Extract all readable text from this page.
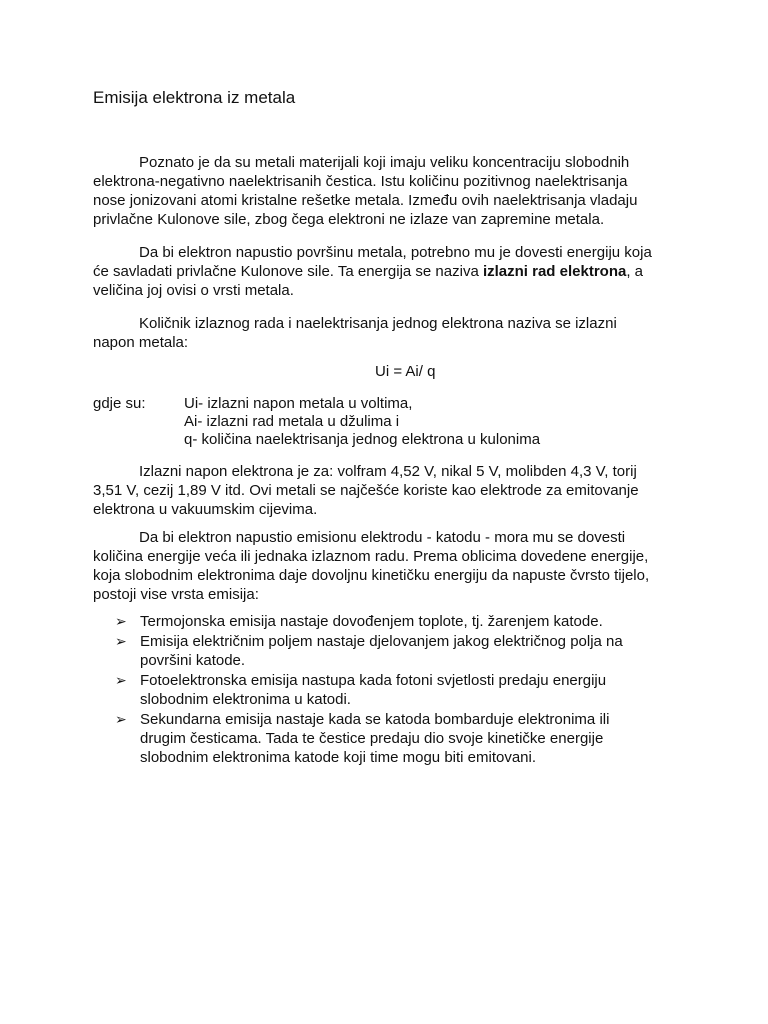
Emisija elektrona iz metala
Poznato je da su metali materijali koji imaju veliku koncentraciju slobodnih
elektrona-negativno naelektrisanih čestica. Istu količinu pozitivnog naelektrisanja
nose jonizovani atomi kristalne rešetke metala. Između ovih naelektrisanja vladaju
privlačne Kulonove sile, zbog čega elektroni ne izlaze van zapremine metala.
Da bi elektron napustio površinu metala, potrebno mu je dovesti energiju koja
će savladati privlačne Kulonove sile. Ta energija se naziva izlazni rad elektrona, a
veličina joj ovisi o vrsti metala.
Količnik izlaznog rada i naelektrisanja jednog elektrona naziva se izlazni
napon metala:
Ui = Ai/ q
gdje su:	Ui- izlazni napon metala u voltima,
Ai- izlazni rad metala u džulima i
q- količina naelektrisanja jednog elektrona u kulonima
Izlazni napon elektrona je za: volfram 4,52 V, nikal 5 V, molibden 4,3 V, torij
3,51 V, cezij 1,89 V itd. Ovi metali se najčešće koriste kao elektrode za emitovanje
elektrona u vakuumskim cijevima.
Da bi elektron napustio emisionu elektrodu - katodu - mora mu se dovesti
količina energije veća ili jednaka izlaznom radu. Prema oblicima dovedene energije,
koja slobodnim elektronima daje dovoljnu kinetičku energiju da napuste čvrsto tijelo,
postoji vise vrsta emisija:
➢ Termojonska emisija nastaje dovođenjem toplote, tj. žarenjem katode.
➢ Emisija električnim poljem nastaje djelovanjem jakog električnog polja na
površini katode.
➢ Fotoelektronska emisija nastupa kada fotoni svjetlosti predaju energiju
slobodnim elektronima u katodi.
➢ Sekundarna emisija nastaje kada se katoda bombarduje elektronima ili
drugim česticama. Tada te čestice predaju dio svoje kinetičke energije
slobodnim elektronima katode koji time mogu biti emitovani.
